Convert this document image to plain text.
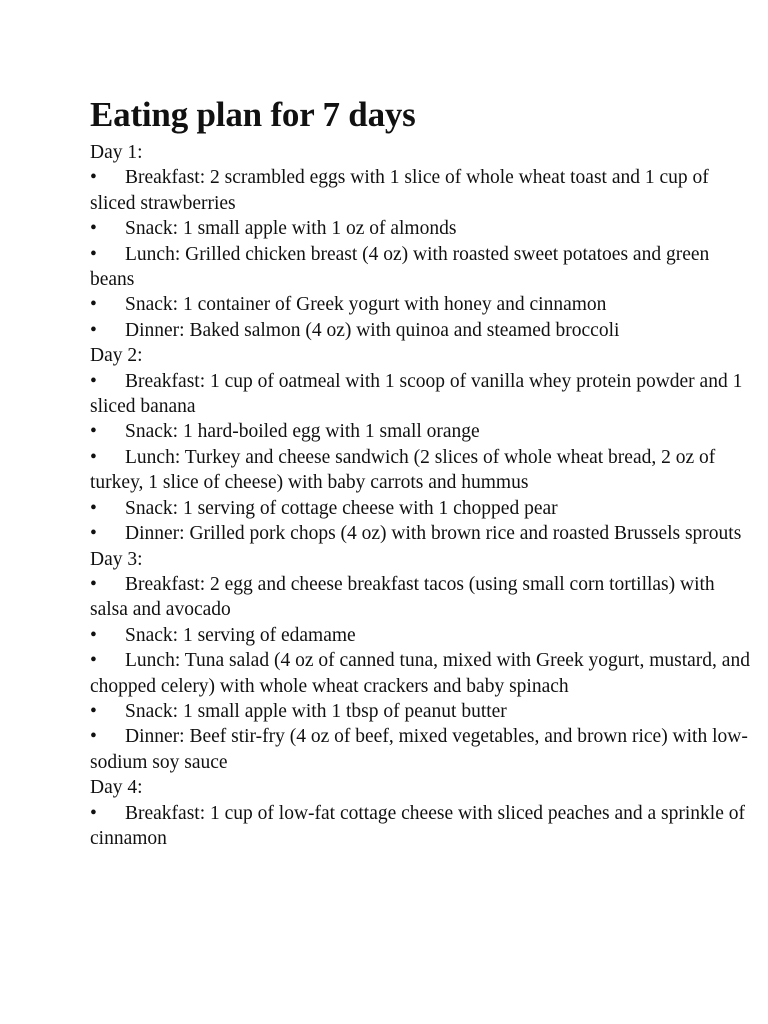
Eating plan for 7 days

Day 1:

• Breakfast: 2 scrambled eggs with 1 slice of whole wheat toast and 1 cup of sliced strawberries
• Snack: 1 small apple with 1 oz of almonds
• Lunch: Grilled chicken breast (4 oz) with roasted sweet potatoes and green beans
• Snack: 1 container of Greek yogurt with honey and cinnamon
• Dinner: Baked salmon (4 oz) with quinoa and steamed broccoli

Day 2:

• Breakfast: 1 cup of oatmeal with 1 scoop of vanilla whey protein powder and 1 sliced banana
• Snack: 1 hard-boiled egg with 1 small orange
• Lunch: Turkey and cheese sandwich (2 slices of whole wheat bread, 2 oz of turkey, 1 slice of cheese) with baby carrots and hummus
• Snack: 1 serving of cottage cheese with 1 chopped pear
• Dinner: Grilled pork chops (4 oz) with brown rice and roasted Brussels sprouts

Day 3:

• Breakfast: 2 egg and cheese breakfast tacos (using small corn tortillas) with salsa and avocado
• Snack: 1 serving of edamame
• Lunch: Tuna salad (4 oz of canned tuna, mixed with Greek yogurt, mustard, and chopped celery) with whole wheat crackers and baby spinach
• Snack: 1 small apple with 1 tbsp of peanut butter
• Dinner: Beef stir-fry (4 oz of beef, mixed vegetables, and brown rice) with low-sodium soy sauce

Day 4:

• Breakfast: 1 cup of low-fat cottage cheese with sliced peaches and a sprinkle of cinnamon
